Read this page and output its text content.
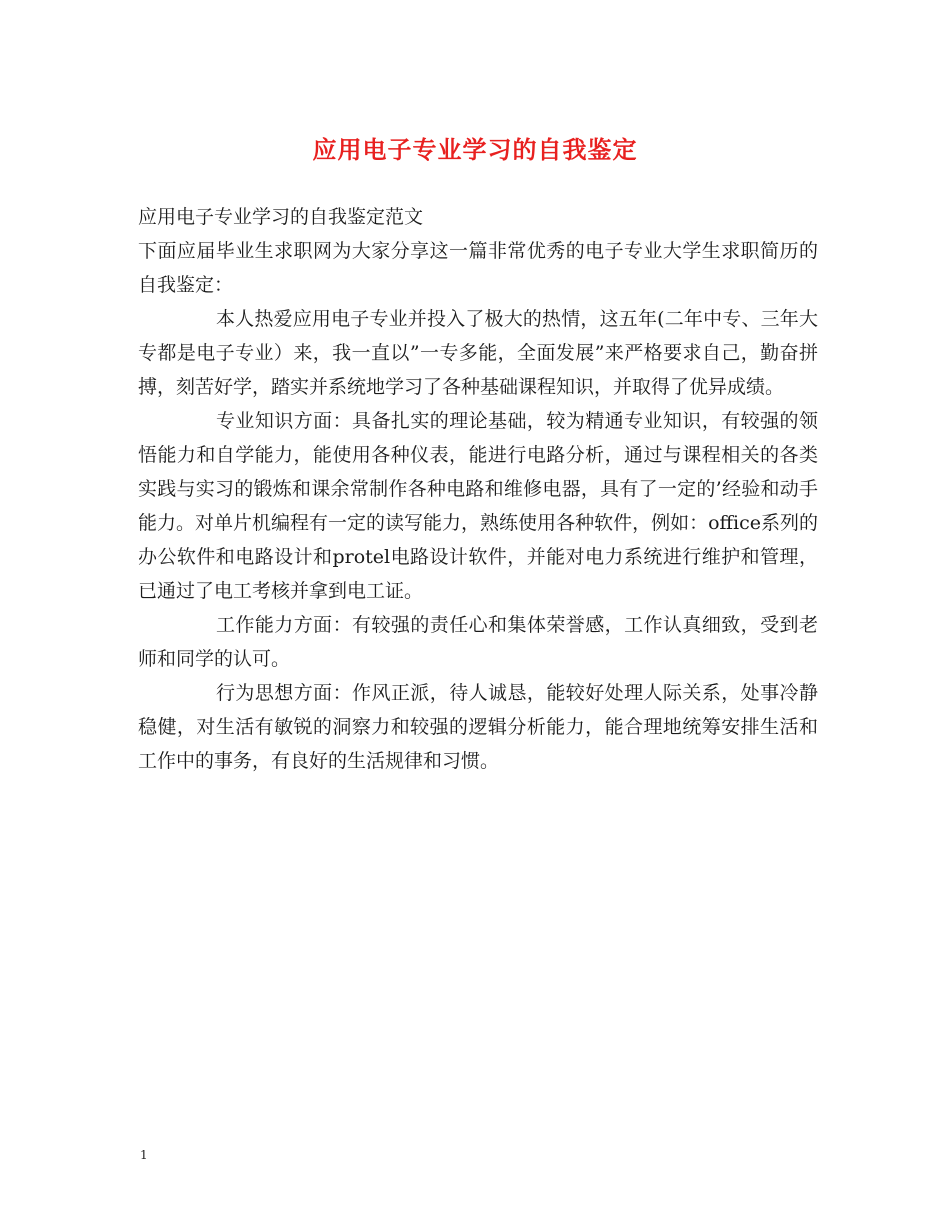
应用电子专业学习的自我鉴定

应用电子专业学习的自我鉴定范文

下面应届毕业生求职网为大家分享这一篇非常优秀的电子专业大学生求职简历的自我鉴定：

本人热爱应用电子专业并投入了极大的热情，这五年(二年中专、三年大专都是电子专业）来，我一直以”一专多能，全面发展”来严格要求自己，勤奋拼搏，刻苦好学，踏实并系统地学习了各种基础课程知识，并取得了优异成绩。

专业知识方面：具备扎实的理论基础，较为精通专业知识，有较强的领悟能力和自学能力，能使用各种仪表，能进行电路分析，通过与课程相关的各类实践与实习的锻炼和课余常制作各种电路和维修电器，具有了一定的’经验和动手能力。对单片机编程有一定的读写能力，熟练使用各种软件，例如：office系列的办公软件和电路设计和protel电路设计软件，并能对电力系统进行维护和管理，已通过了电工考核并拿到电工证。

工作能力方面：有较强的责任心和集体荣誉感，工作认真细致，受到老师和同学的认可。

行为思想方面：作风正派，待人诚恳，能较好处理人际关系，处事冷静稳健，对生活有敏锐的洞察力和较强的逻辑分析能力，能合理地统筹安排生活和工作中的事务，有良好的生活规律和习惯。

1
